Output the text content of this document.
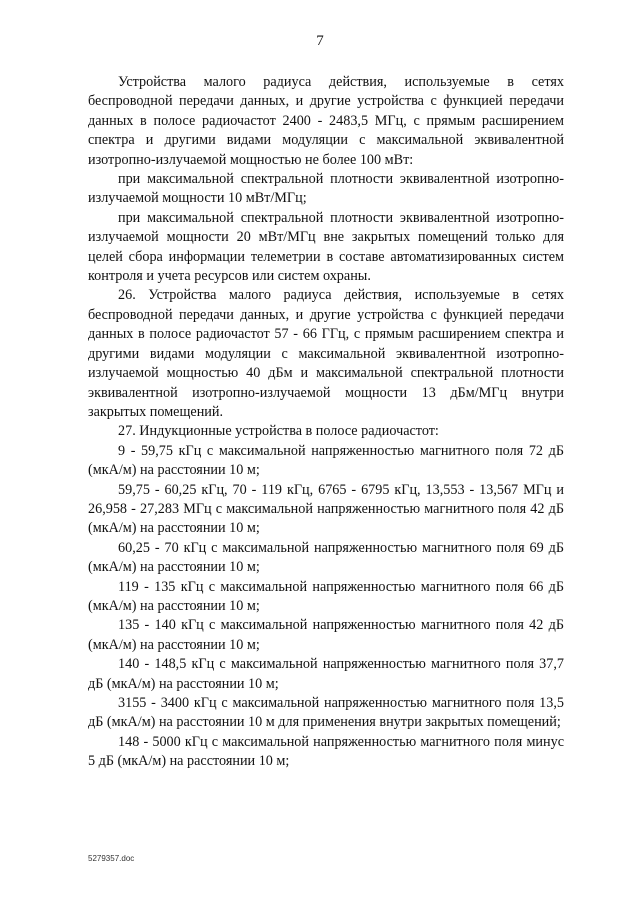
7

Устройства малого радиуса действия, используемые в сетях беспроводной передачи данных, и другие устройства с функцией передачи данных в полосе радиочастот 2400 - 2483,5 МГц, с прямым расширением спектра и другими видами модуляции с максимальной эквивалентной изотропно-излучаемой мощностью не более 100 мВт:

при максимальной спектральной плотности эквивалентной изотропно-излучаемой мощности 10 мВт/МГц;

при максимальной спектральной плотности эквивалентной изотропно-излучаемой мощности 20 мВт/МГц вне закрытых помещений только для целей сбора информации телеметрии в составе автоматизированных систем контроля и учета ресурсов или систем охраны.

26. Устройства малого радиуса действия, используемые в сетях беспроводной передачи данных, и другие устройства с функцией передачи данных в полосе радиочастот 57 - 66 ГГц, с прямым расширением спектра и другими видами модуляции с максимальной эквивалентной изотропно-излучаемой мощностью 40 дБм и максимальной спектральной плотности эквивалентной изотропно-излучаемой мощности 13 дБм/МГц внутри закрытых помещений.

27. Индукционные устройства в полосе радиочастот:

9 - 59,75 кГц с максимальной напряженностью магнитного поля 72 дБ (мкА/м) на расстоянии 10 м;

59,75 - 60,25 кГц, 70 - 119 кГц, 6765 - 6795 кГц, 13,553 - 13,567 МГц и 26,958 - 27,283 МГц с максимальной напряженностью магнитного поля 42 дБ (мкА/м) на расстоянии 10 м;

60,25 - 70 кГц с максимальной напряженностью магнитного поля 69 дБ (мкА/м) на расстоянии 10 м;

119 - 135 кГц с максимальной напряженностью магнитного поля 66 дБ (мкА/м) на расстоянии 10 м;

135 - 140 кГц с максимальной напряженностью магнитного поля 42 дБ (мкА/м) на расстоянии 10 м;

140 - 148,5 кГц с максимальной напряженностью магнитного поля 37,7 дБ (мкА/м) на расстоянии 10 м;

3155 - 3400 кГц с максимальной напряженностью магнитного поля 13,5 дБ (мкА/м) на расстоянии 10 м для применения внутри закрытых помещений;

148 - 5000 кГц с максимальной напряженностью магнитного поля минус 5 дБ (мкА/м) на расстоянии 10 м;

5279357.doc
